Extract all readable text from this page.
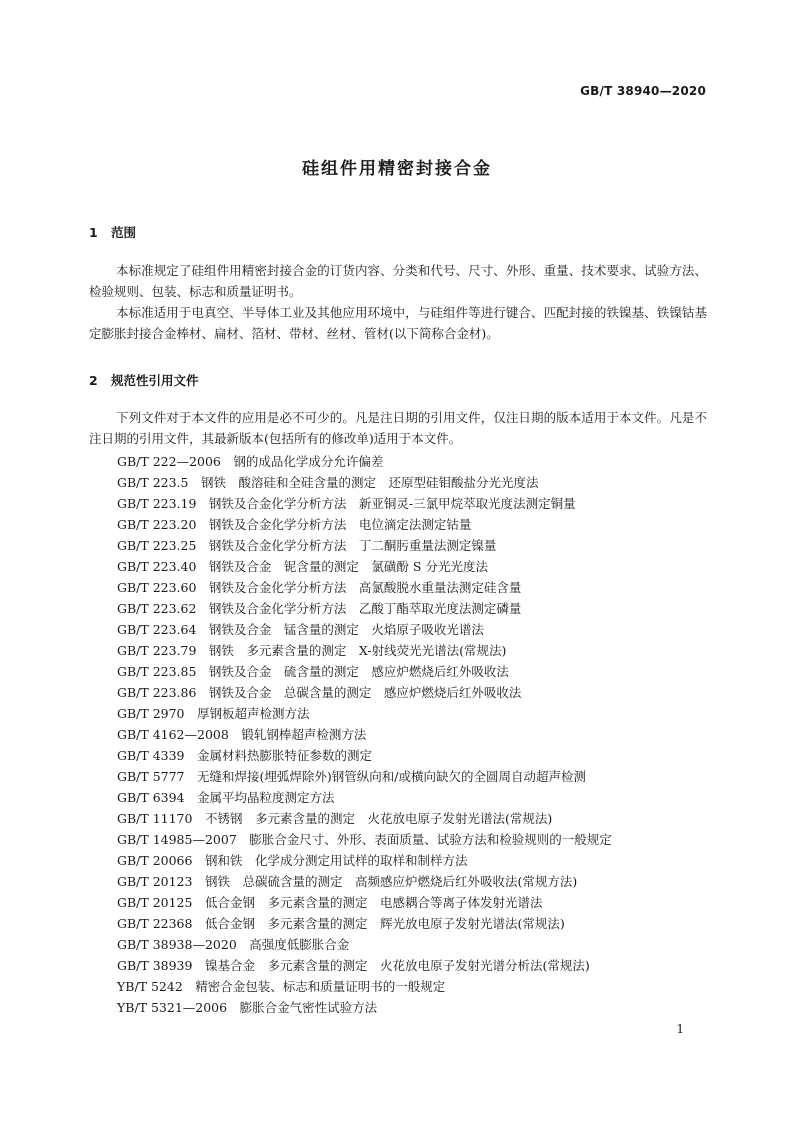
GB/T 38940—2020
硅组件用精密封接合金
1 范围

本标准规定了硅组件用精密封接合金的订货内容、分类和代号、尺寸、外形、重量、技术要求、试验方法、检验规则、包装、标志和质量证明书。

本标准适用于电真空、半导体工业及其他应用环境中，与硅组件等进行键合、匹配封接的铁镍基、铁镍钴基定膨胀封接合金棒材、扁材、箔材、带材、丝材、管材(以下简称合金材)。

2 规范性引用文件

下列文件对于本文件的应用是必不可少的。凡是注日期的引用文件，仅注日期的版本适用于本文件。凡是不注日期的引用文件，其最新版本(包括所有的修改单)适用于本文件。

GB/T 222—2006　钢的成品化学成分允许偏差
GB/T 223.5　钢铁　酸溶硅和全硅含量的测定　还原型硅钼酸盐分光光度法
GB/T 223.19　钢铁及合金化学分析方法　新亚铜灵-三氯甲烷萃取光度法测定铜量
GB/T 223.20　钢铁及合金化学分析方法　电位滴定法测定钴量
GB/T 223.25　钢铁及合金化学分析方法　丁二酮肟重量法测定镍量
GB/T 223.40　钢铁及合金　铌含量的测定　氯磺酚 S 分光光度法
GB/T 223.60　钢铁及合金化学分析方法　高氯酸脱水重量法测定硅含量
GB/T 223.62　钢铁及合金化学分析方法　乙酸丁酯萃取光度法测定磷量
GB/T 223.64　钢铁及合金　锰含量的测定　火焰原子吸收光谱法
GB/T 223.79　钢铁　多元素含量的测定　X-射线荧光光谱法(常规法)
GB/T 223.85　钢铁及合金　硫含量的测定　感应炉燃烧后红外吸收法
GB/T 223.86　钢铁及合金　总碳含量的测定　感应炉燃烧后红外吸收法
GB/T 2970　厚钢板超声检测方法
GB/T 4162—2008　锻轧钢棒超声检测方法
GB/T 4339　金属材料热膨胀特征参数的测定
GB/T 5777　无缝和焊接(埋弧焊除外)钢管纵向和/或横向缺欠的全圆周自动超声检测
GB/T 6394　金属平均晶粒度测定方法
GB/T 11170　不锈钢　多元素含量的测定　火花放电原子发射光谱法(常规法)
GB/T 14985—2007　膨胀合金尺寸、外形、表面质量、试验方法和检验规则的一般规定
GB/T 20066　钢和铁　化学成分测定用试样的取样和制样方法
GB/T 20123　钢铁　总碳硫含量的测定　高频感应炉燃烧后红外吸收法(常规方法)
GB/T 20125　低合金钢　多元素含量的测定　电感耦合等离子体发射光谱法
GB/T 22368　低合金钢　多元素含量的测定　辉光放电原子发射光谱法(常规法)
GB/T 38938—2020　高强度低膨胀合金
GB/T 38939　镍基合金　多元素含量的测定　火花放电原子发射光谱分析法(常规法)
YB/T 5242　精密合金包装、标志和质量证明书的一般规定
YB/T 5321—2006　膨胀合金气密性试验方法
1
